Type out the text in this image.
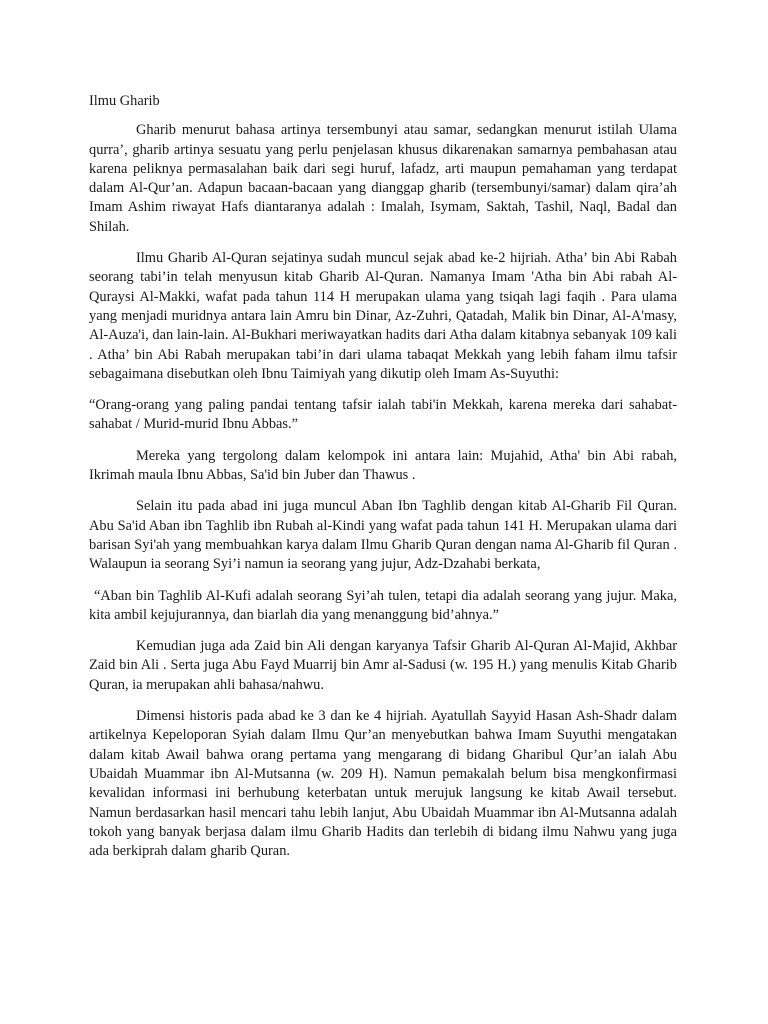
Ilmu Gharib

Gharib menurut bahasa artinya tersembunyi atau samar, sedangkan menurut istilah Ulama qurra’, gharib artinya sesuatu yang perlu penjelasan khusus dikarenakan samarnya pembahasan atau karena peliknya permasalahan baik dari segi huruf, lafadz, arti maupun pemahaman yang terdapat dalam Al-Qur’an. Adapun bacaan-bacaan yang dianggap gharib (tersembunyi/samar) dalam qira’ah Imam Ashim riwayat Hafs diantaranya adalah : Imalah, Isymam, Saktah, Tashil, Naql, Badal dan Shilah.

Ilmu Gharib Al-Quran sejatinya sudah muncul sejak abad ke-2 hijriah. Atha’ bin Abi Rabah seorang tabi’in telah menyusun kitab Gharib Al-Quran. Namanya Imam 'Atha bin Abi rabah Al-Qurays​i Al-Makki, wafat pada tahun 114 H merupakan ulama yang tsiqah lagi faqih . Para ulama yang menjadi muridnya antara lain Amru bin Dinar, Az-Zuhri, Qatadah, Malik bin Dinar, Al-A'masy, Al-Auza'i, dan lain-lain. Al-Bukhari meriwayatkan hadits dari Atha dalam kitabnya sebanyak 109 kali . Atha’ bin Abi Rabah merupakan tabi’in dari ulama tabaqat Mekkah yang lebih faham ilmu tafsir sebagaimana disebutkan oleh Ibnu Taimiyah yang dikutip oleh Imam As-Suyuthi:

“Orang-orang yang paling pandai tentang tafsir ialah tabi'in Mekkah, karena mereka dari sahabat-sahabat / Murid-murid Ibnu Abbas.”

Mereka yang tergolong dalam kelompok ini antara lain: Mujahid, Atha' bin Abi rabah, Ikrimah maula Ibnu Abbas, Sa'id bin Juber dan Thawus .

Selain itu pada abad ini juga muncul Aban Ibn Taghlib dengan kitab Al-Gharib Fil Quran. Abu Sa'id Aban ibn Taghlib ibn Rubah al-Kindi yang wafat pada tahun 141 H. Merupakan ulama dari barisan Syi'ah yang membuahkan karya dalam Ilmu Gharib Quran dengan nama Al-Gharib fil Quran . Walaupun ia seorang Syi’i namun ia seorang yang jujur, Adz-Dzahabi berkata,

“Aban bin Taghlib Al-Kufi adalah seorang Syi’ah tulen, tetapi dia adalah seorang yang jujur. Maka, kita ambil kejujurannya, dan biarlah dia yang menanggung bid’ahnya.”

Kemudian juga ada Zaid bin Ali dengan karyanya Tafsir Gharib Al-Quran Al-Majid, Akhbar Zaid bin Ali . Serta juga Abu Fayd Muarrij bin Amr al-Sadusi (w. 195 H.) yang menulis Kitab Gharib Quran, ia merupakan ahli bahasa/nahwu.

Dimensi historis pada abad ke 3 dan ke 4 hijriah. Ayatullah Sayyid Hasan Ash-Shadr dalam artikelnya Kepeloporan Syiah dalam Ilmu Qur’an menyebutkan bahwa Imam Suyuthi mengatakan dalam kitab Awail bahwa orang pertama yang mengarang di bidang Gharibul Qur’an ialah Abu Ubaidah Muammar ibn Al-Mutsanna (w. 209 H). Namun pemakalah belum bisa mengkonfirmasi kevalidan informasi ini berhubung keterbatan untuk merujuk langsung ke kitab Awail tersebut. Namun berdasarkan hasil mencari tahu lebih lanjut, Abu Ubaidah Muammar ibn Al-Mutsanna adalah tokoh yang banyak berjasa dalam ilmu Gharib Hadits dan terlebih di bidang ilmu Nahwu yang juga ada berkiprah dalam gharib Quran.
